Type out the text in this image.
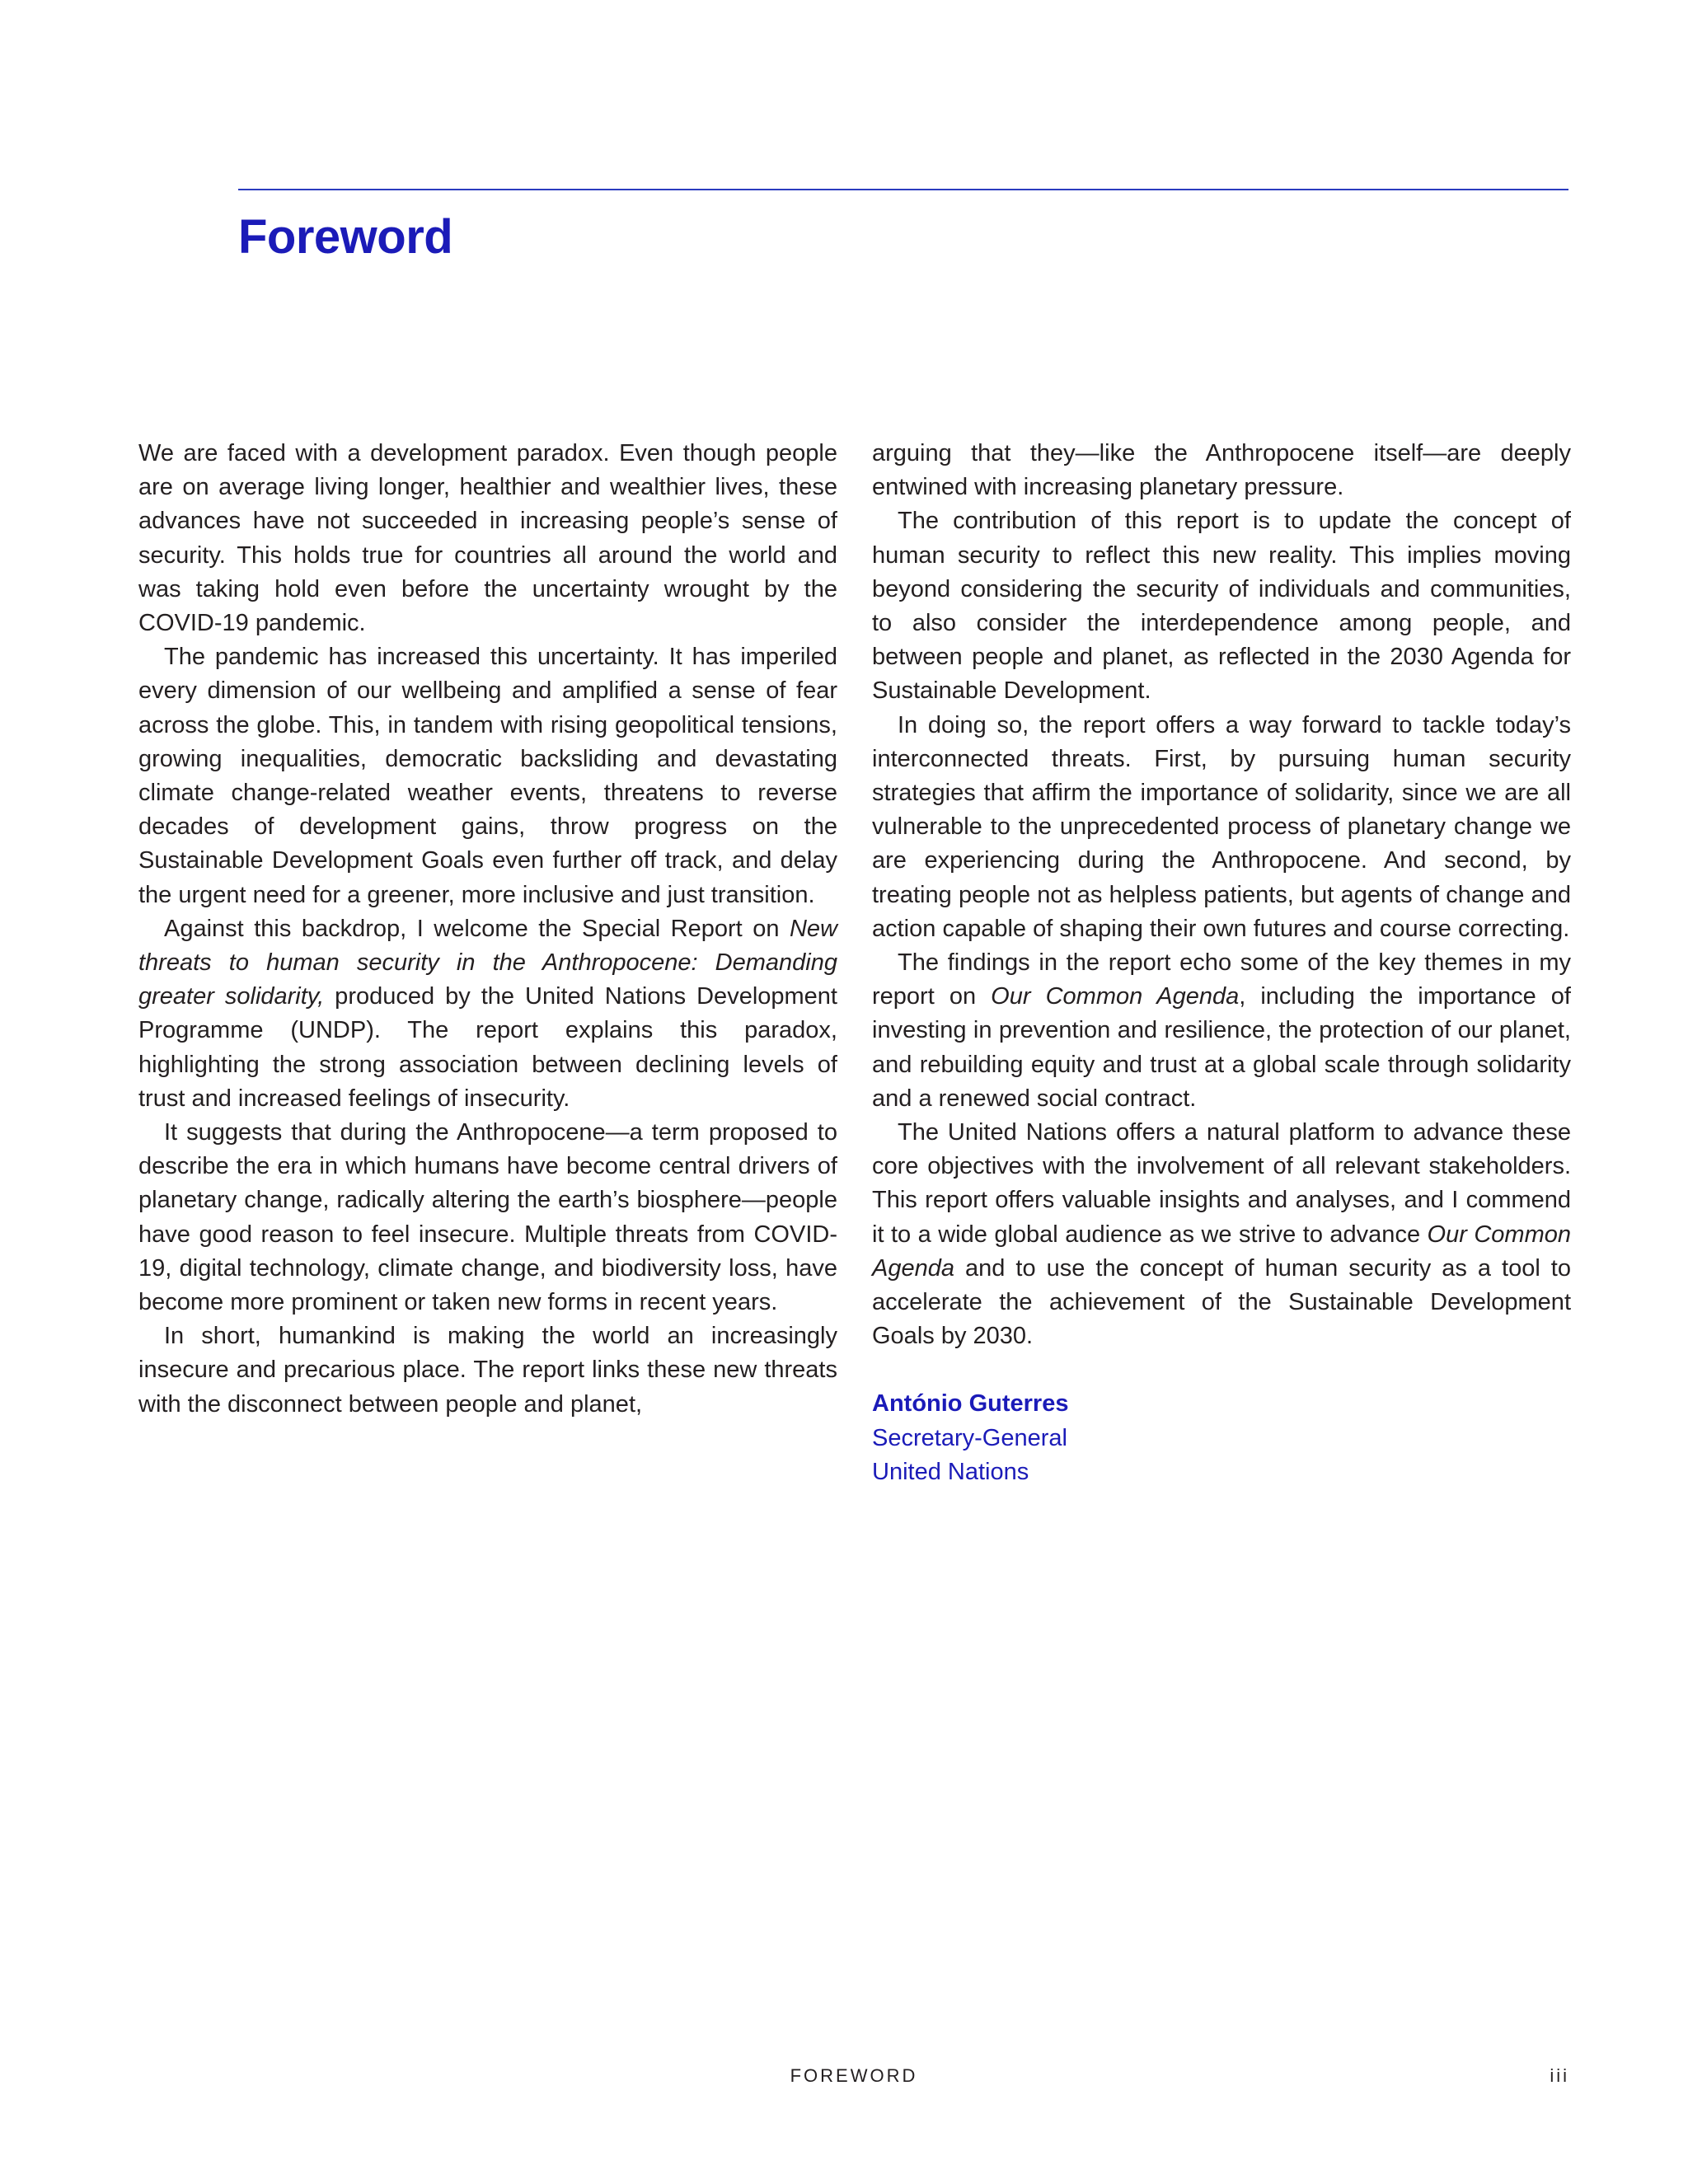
Foreword

We are faced with a development paradox. Even though people are on average living longer, healthier and wealthier lives, these advances have not succeeded in increasing people’s sense of security. This holds true for countries all around the world and was taking hold even before the uncertainty wrought by the COVID-19 pandemic.

The pandemic has increased this uncertainty. It has imperiled every dimension of our wellbeing and amplified a sense of fear across the globe. This, in tandem with rising geopolitical tensions, growing inequalities, democratic backsliding and devastating climate change-related weather events, threatens to reverse decades of development gains, throw progress on the Sustainable Development Goals even further off track, and delay the urgent need for a greener, more inclusive and just transition.

Against this backdrop, I welcome the Special Report on New threats to human security in the Anthropocene: Demanding greater solidarity, produced by the United Nations Development Programme (UNDP). The report explains this paradox, highlighting the strong association between declining levels of trust and increased feelings of insecurity.

It suggests that during the Anthropocene—a term proposed to describe the era in which humans have become central drivers of planetary change, radically altering the earth’s biosphere—people have good reason to feel insecure. Multiple threats from COVID-19, digital technology, climate change, and biodiversity loss, have become more prominent or taken new forms in recent years.

In short, humankind is making the world an increasingly insecure and precarious place. The report links these new threats with the disconnect between people and planet,

arguing that they—like the Anthropocene itself—are deeply entwined with increasing planetary pressure.

The contribution of this report is to update the concept of human security to reflect this new reality. This implies moving beyond considering the security of individuals and communities, to also consider the interdependence among people, and between people and planet, as reflected in the 2030 Agenda for Sustainable Development.

In doing so, the report offers a way forward to tackle today’s interconnected threats. First, by pursuing human security strategies that affirm the importance of solidarity, since we are all vulnerable to the unprecedented process of planetary change we are experiencing during the Anthropocene. And second, by treating people not as helpless patients, but agents of change and action capable of shaping their own futures and course correcting.

The findings in the report echo some of the key themes in my report on Our Common Agenda, including the importance of investing in prevention and resilience, the protection of our planet, and rebuilding equity and trust at a global scale through solidarity and a renewed social contract.

The United Nations offers a natural platform to advance these core objectives with the involvement of all relevant stakeholders. This report offers valuable insights and analyses, and I commend it to a wide global audience as we strive to advance Our Common Agenda and to use the concept of human security as a tool to accelerate the achievement of the Sustainable Development Goals by 2030.

António Guterres
Secretary-General
United Nations
FOREWORD	iii
